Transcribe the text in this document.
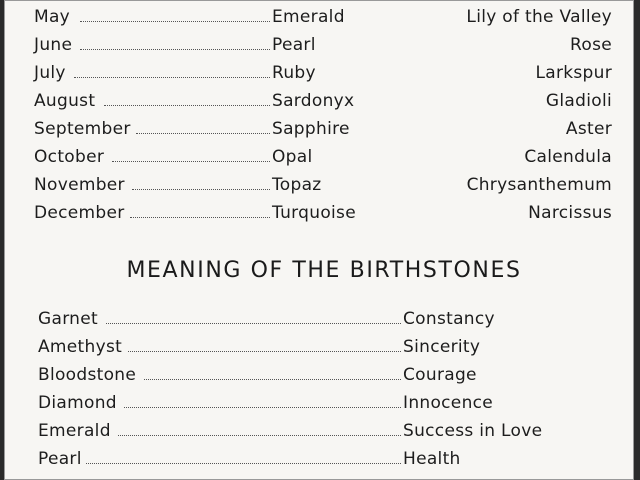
May	Emerald	Lily of the Valley
June	Pearl	Rose
July	Ruby	Larkspur
August	Sardonyx	Gladioli
September	Sapphire	Aster
October	Opal	Calendula
November	Topaz	Chrysanthemum
December	Turquoise	Narcissus
MEANING OF THE BIRTHSTONES
Garnet	Constancy
Amethyst	Sincerity
Bloodstone	Courage
Diamond	Innocence
Emerald	Success in Love
Pearl	Health
